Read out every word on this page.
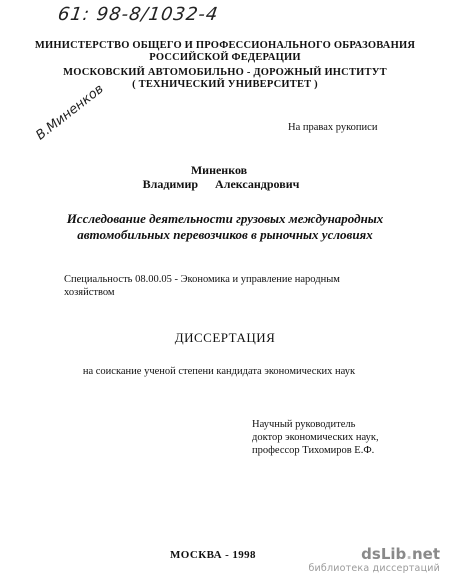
61: 98-8/1032-4
В.Миненков
МИНИСТЕРСТВО ОБЩЕГО И ПРОФЕССИОНАЛЬНОГО ОБРАЗОВАНИЯ
РОССИЙСКОЙ ФЕДЕРАЦИИ
МОСКОВСКИЙ АВТОМОБИЛЬНО - ДОРОЖНЫЙ ИНСТИТУТ
( ТЕХНИЧЕСКИЙ УНИВЕРСИТЕТ )
На правах рукописи
Миненков
Владимир Александрович
Исследование деятельности грузовых международных
автомобильных перевозчиков в рыночных условиях
Специальность 08.00.05 - Экономика и управление народным
хозяйством
ДИССЕРТАЦИЯ
на соискание ученой степени кандидата экономических наук
Научный руководитель
доктор экономических наук,
профессор Тихомиров Е.Ф.
МОСКВА - 1998	dsLib.net
библиотека диссертаций
